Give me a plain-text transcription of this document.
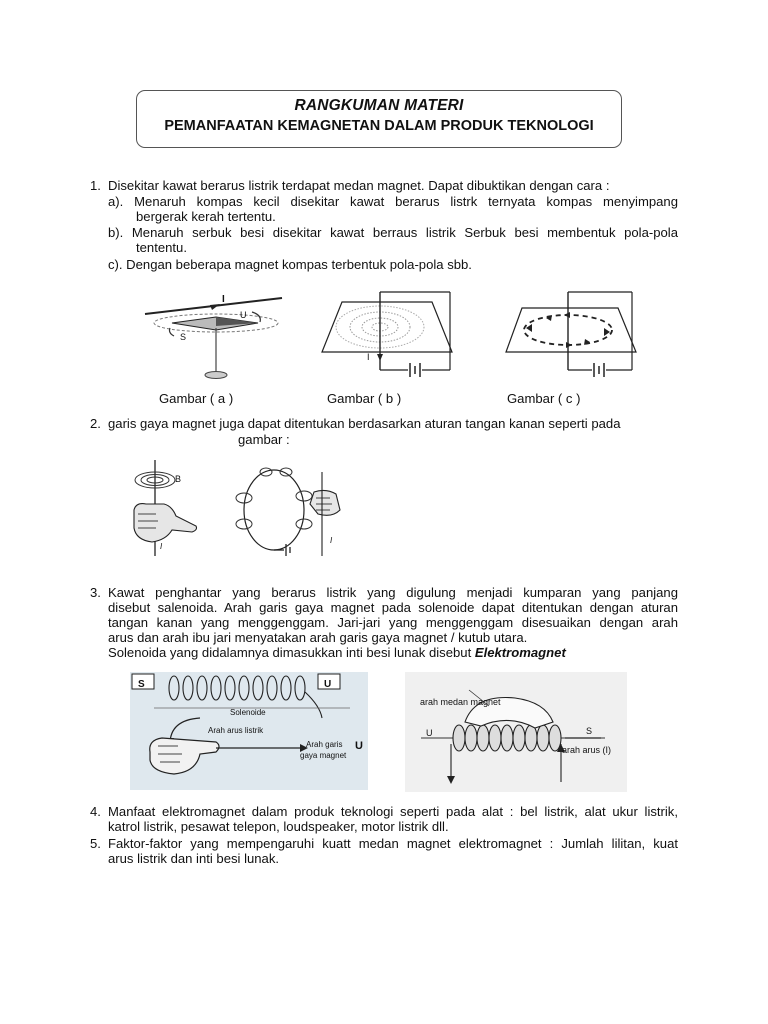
RANGKUMAN MATERI
PEMANFAATAN KEMAGNETAN DALAM PRODUK TEKNOLOGI
1. Disekitar kawat berarus listrik terdapat medan magnet. Dapat dibuktikan dengan cara :
a). Menaruh kompas kecil disekitar kawat berarus listrk ternyata kompas menyimpang
bergerak kerah tertentu.
b). Menaruh serbuk besi disekitar kawat berraus listrik Serbuk besi membentuk pola-pola
tententu.
c). Dengan beberapa magnet kompas terbentuk pola-pola sbb.
I
U
S
I
Gambar ( a )	Gambar ( b )	Gambar ( c )
2. garis gaya magnet juga dapat ditentukan berdasarkan aturan tangan kanan seperti pada
gambar :
B
I
I
3. Kawat penghantar yang berarus listrik yang digulung menjadi kumparan yang panjang
disebut salenoida. Arah garis gaya magnet pada solenoide dapat ditentukan dengan aturan
tangan kanan yang menggenggam. Jari-jari yang menggenggam disesuaikan dengan arah
arus dan arah ibu jari menyatakan arah garis gaya magnet / kutub utara.
Solenoida yang didalamnya dimasukkan inti besi lunak disebut Elektromagnet
S	U
Solenoide
Arah arus listrik
Arah garis
gaya magnet
U
arah medan magnet
U	S
arah arus (I)
4. Manfaat elektromagnet dalam produk teknologi seperti pada alat : bel listrik, alat ukur listrik,
katrol listrik, pesawat telepon, loudspeaker, motor listrik dll.
5. Faktor-faktor yang mempengaruhi kuatt medan magnet elektromagnet : Jumlah lilitan, kuat
arus listrik dan inti besi lunak.
